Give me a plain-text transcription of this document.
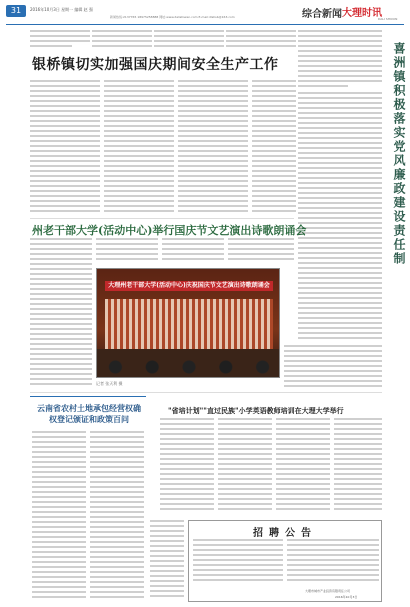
31	2016年10月3日 星期一 编辑 赵 强
新闻热线:2137765 18975258888 网址:www.dalishiwen.com E-mail:dlshsb@163.com	综合新闻 大理时讯
DALI SHIXUN
银桥镇切实加强国庆期间安全生产工作	喜洲镇积极落实党风廉政建设责任制
州老干部大学(活动中心)举行国庆节文艺演出诗歌朗诵会
大理州老干部大学(活动中心)庆祝国庆节文艺演出诗歌朗诵会
记者 张天利 摄
云南省农村土地承包经营权确权登记颁证和政策百问
"省培计划""直过民族"小学英语教师培训在大理大学举行
招聘公告
大理市城市产业投资有限责任公司
2016年10月3日
